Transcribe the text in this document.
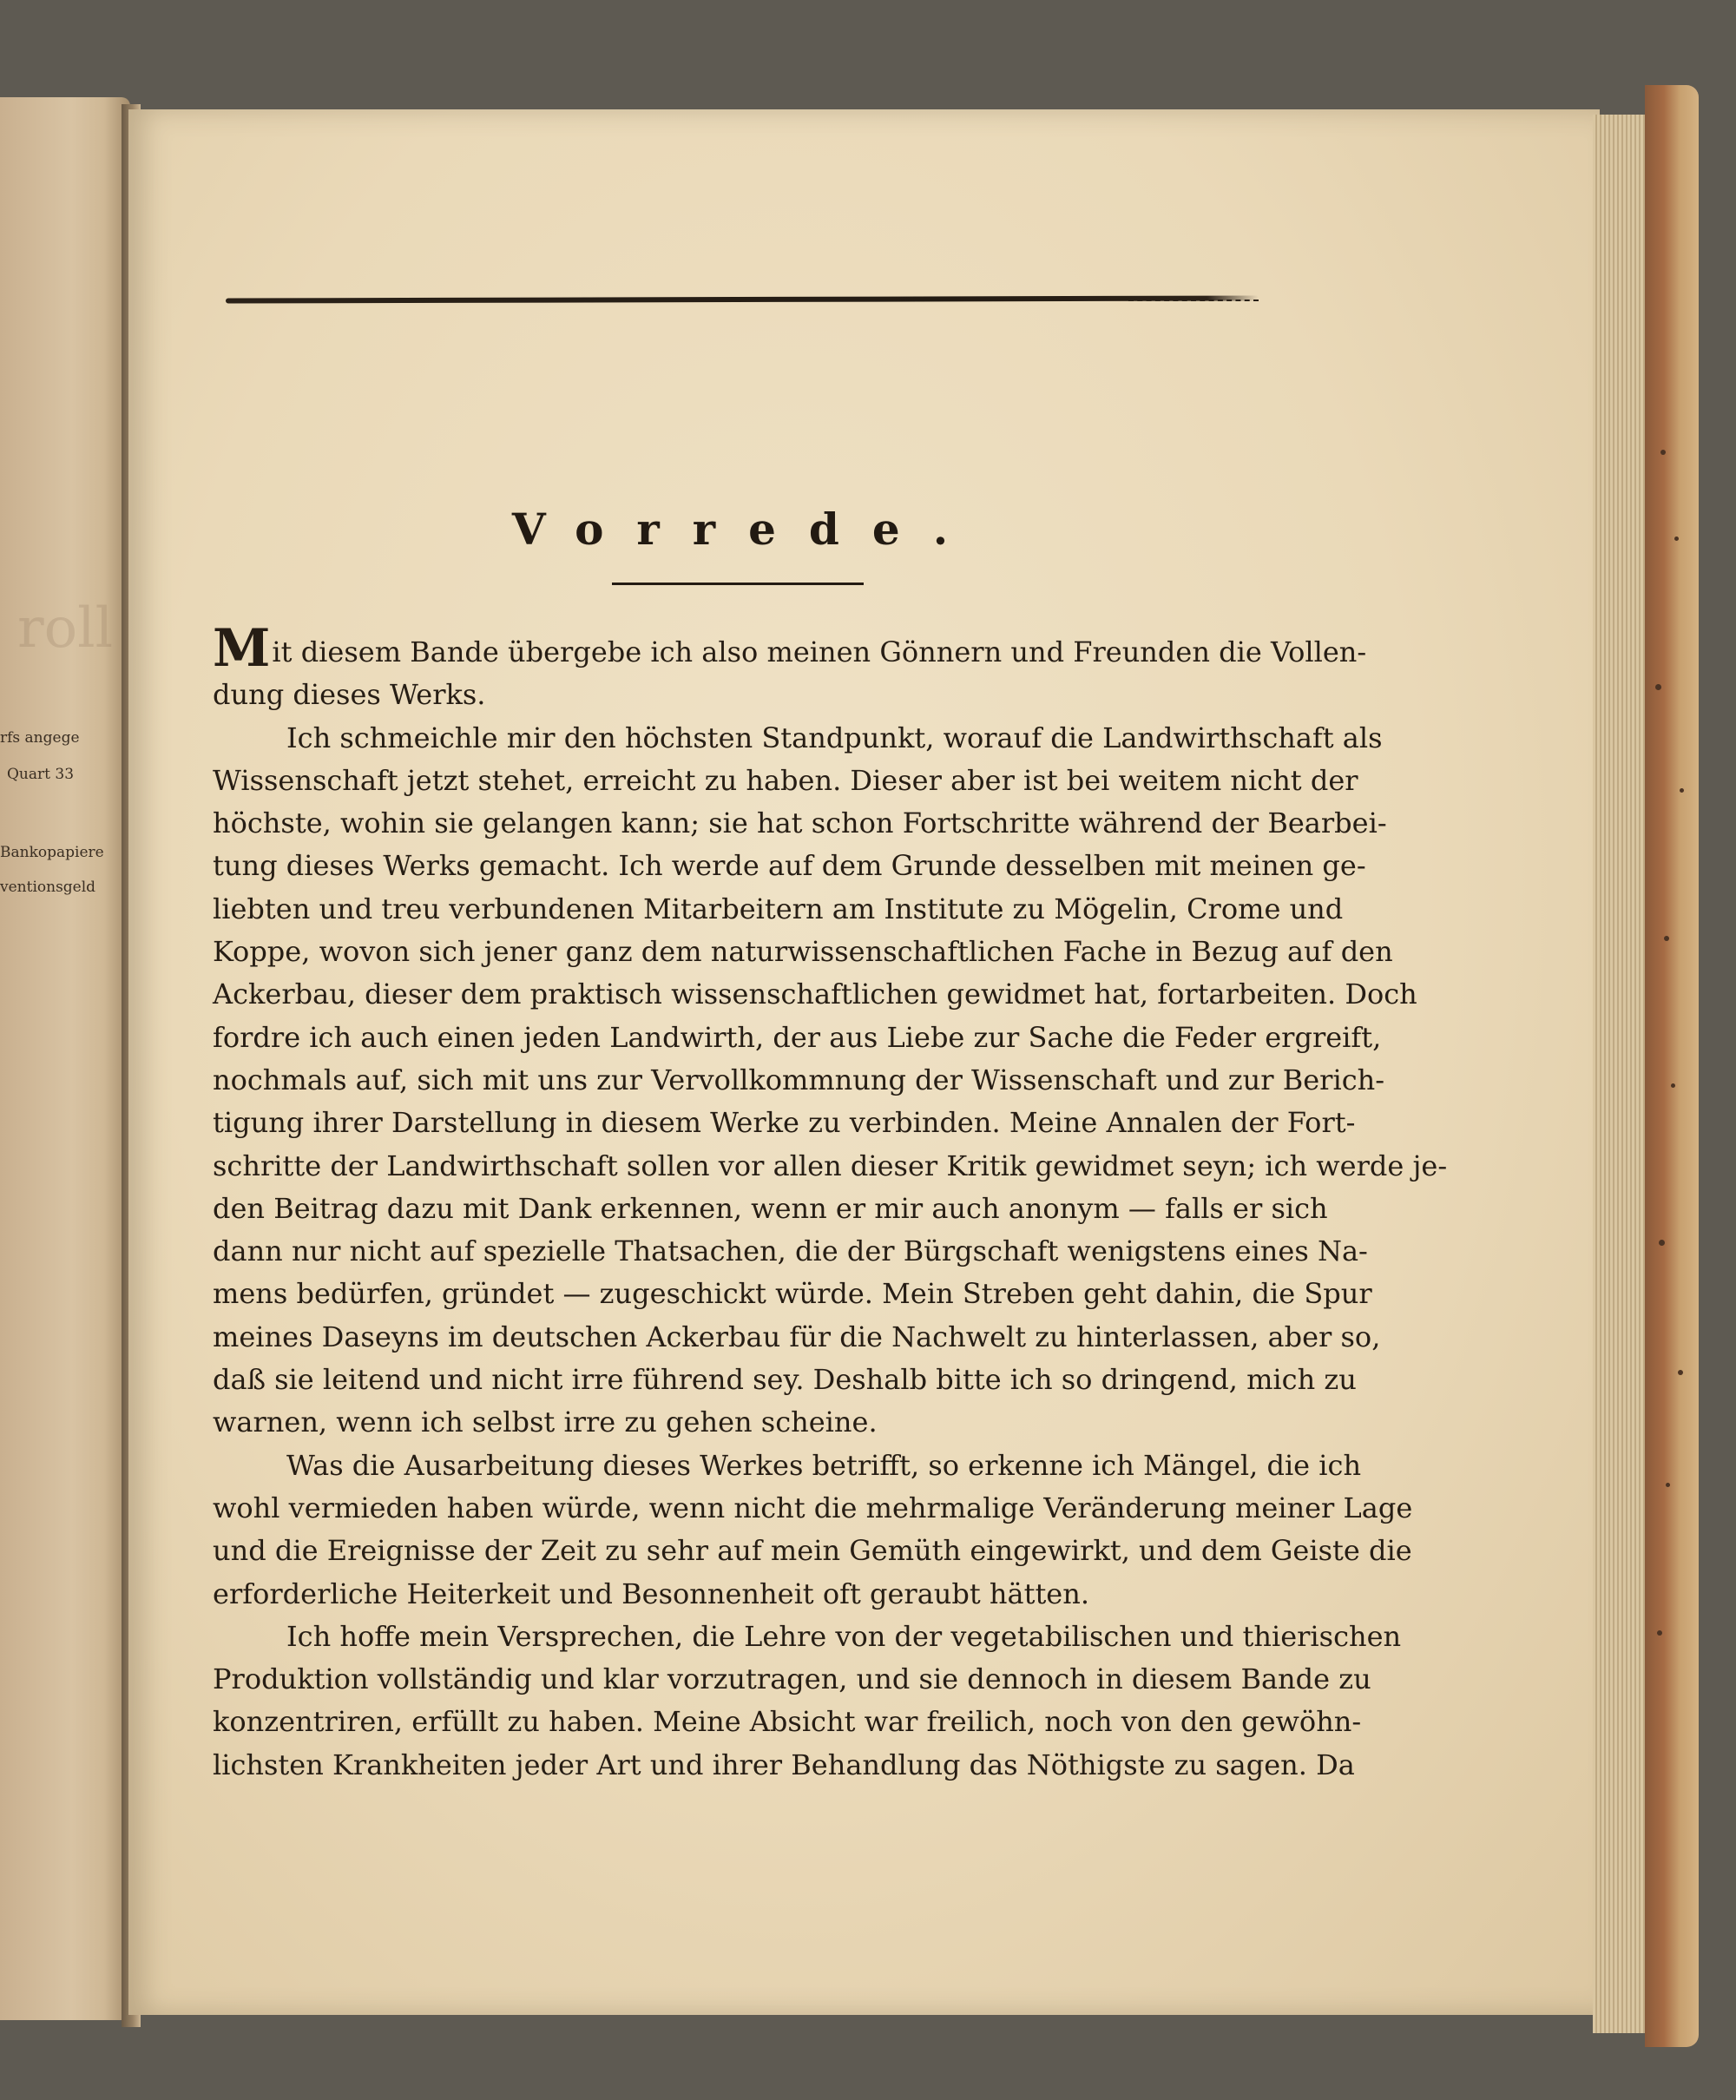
roll
rfs angege
Quart 33
Bankopapiere
ventionsgeld
Vorrede.
M it diesem Bande übergebe ich also meinen Gönnern und Freunden die Vollen-
dung dieses Werks.
Ich schmeichle mir den höchsten Standpunkt, worauf die Landwirthschaft als
Wissenschaft jetzt stehet, erreicht zu haben. Dieser aber ist bei weitem nicht der
höchste, wohin sie gelangen kann; sie hat schon Fortschritte während der Bearbei-
tung dieses Werks gemacht. Ich werde auf dem Grunde desselben mit meinen ge-
liebten und treu verbundenen Mitarbeitern am Institute zu Mögelin, Crome und
Koppe, wovon sich jener ganz dem naturwissenschaftlichen Fache in Bezug auf den
Ackerbau, dieser dem praktisch wissenschaftlichen gewidmet hat, fortarbeiten. Doch
fordre ich auch einen jeden Landwirth, der aus Liebe zur Sache die Feder ergreift,
nochmals auf, sich mit uns zur Vervollkommnung der Wissenschaft und zur Berich-
tigung ihrer Darstellung in diesem Werke zu verbinden. Meine Annalen der Fort-
schritte der Landwirthschaft sollen vor allen dieser Kritik gewidmet seyn; ich werde je-
den Beitrag dazu mit Dank erkennen, wenn er mir auch anonym — falls er sich
dann nur nicht auf spezielle Thatsachen, die der Bürgschaft wenigstens eines Na-
mens bedürfen, gründet — zugeschickt würde. Mein Streben geht dahin, die Spur
meines Daseyns im deutschen Ackerbau für die Nachwelt zu hinterlassen, aber so,
daß sie leitend und nicht irre führend sey. Deshalb bitte ich so dringend, mich zu
warnen, wenn ich selbst irre zu gehen scheine.
Was die Ausarbeitung dieses Werkes betrifft, so erkenne ich Mängel, die ich
wohl vermieden haben würde, wenn nicht die mehrmalige Veränderung meiner Lage
und die Ereignisse der Zeit zu sehr auf mein Gemüth eingewirkt, und dem Geiste die
erforderliche Heiterkeit und Besonnenheit oft geraubt hätten.
Ich hoffe mein Versprechen, die Lehre von der vegetabilischen und thierischen
Produktion vollständig und klar vorzutragen, und sie dennoch in diesem Bande zu
konzentriren, erfüllt zu haben. Meine Absicht war freilich, noch von den gewöhn-
lichsten Krankheiten jeder Art und ihrer Behandlung das Nöthigste zu sagen. Da
